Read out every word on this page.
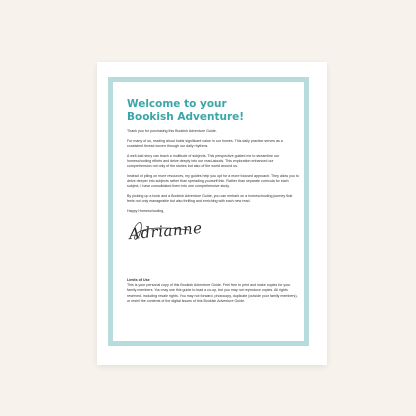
Welcome to your
Bookish Adventure!

Thank you for purchasing this Bookish Adventure Guide.

For many of us, reading aloud holds significant value in our homes. This daily practice serves as a consistent thread woven through our daily rhythms.

A well-told story can teach a multitude of subjects. This perspective guided me to streamline our homeschooling efforts and delve deeply into our read-alouds. This exploration enhanced our comprehension not only of the stories but also of the world around us.

Instead of piling on more resources, my guides help you opt for a more focused approach. They allow you to delve deeper into subjects rather than spreading yourself thin. Rather than separate curricula for each subject, I have consolidated them into one comprehensive study.

By picking up a book and a Bookish Adventure Guide, you can embark on a homeschooling journey that feels not only manageable but also thrilling and enriching with each new read.

Happy Homeschooling,

Adrianne

Limits of Use

This is your personal copy of this Bookish Adventure Guide. Feel free to print and make copies for your family members. You may use this guide to lead a co-op, but you may not reproduce copies. All rights reserved, including resale rights. You may not forward, photocopy, duplicate (outside your family members), or resell the contents of the digital issues of this Bookish Adventure Guide.
